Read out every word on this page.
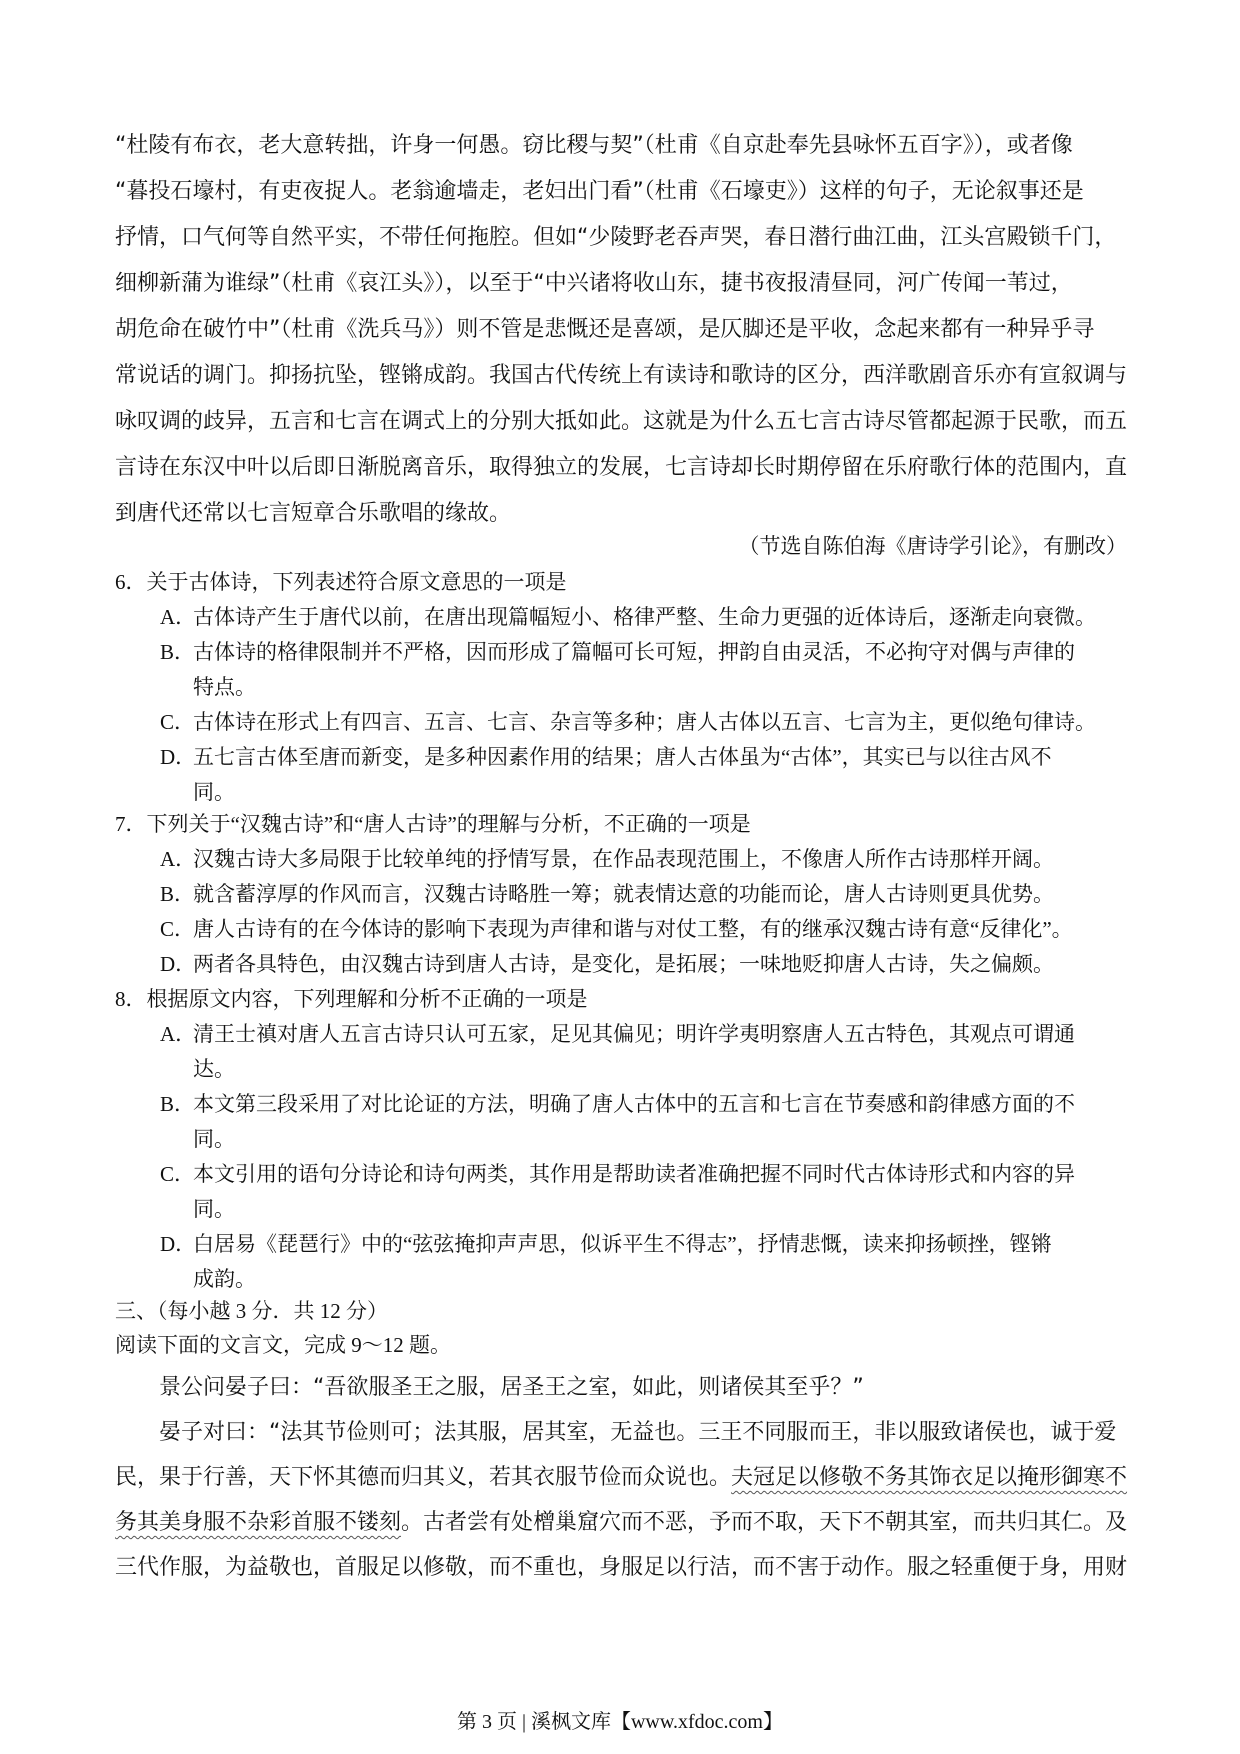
“杜陵有布衣，老大意转拙，许身一何愚。窃比稷与契”（杜甫《自京赴奉先县咏怀五百字》），或者像
“暮投石壕村，有吏夜捉人。老翁逾墙走，老妇出门看”（杜甫《石壕吏》）这样的句子，无论叙事还是
抒情，口气何等自然平实，不带任何拖腔。但如“少陵野老吞声哭，春日潜行曲江曲，江头宫殿锁千门，
细柳新蒲为谁绿”（杜甫《哀江头》），以至于“中兴诸将收山东，捷书夜报清昼同，河广传闻一苇过，
胡危命在破竹中”（杜甫《洗兵马》）则不管是悲慨还是喜颂，是仄脚还是平收，念起来都有一种异乎寻
常说话的调门。抑扬抗坠，铿锵成韵。我国古代传统上有读诗和歌诗的区分，西洋歌剧音乐亦有宣叙调与
咏叹调的歧异，五言和七言在调式上的分别大抵如此。这就是为什么五七言古诗尽管都起源于民歌，而五
言诗在东汉中叶以后即日渐脱离音乐，取得独立的发展，七言诗却长时期停留在乐府歌行体的范围内，直
到唐代还常以七言短章合乐歌唱的缘故。
（节选自陈伯海《唐诗学引论》，有删改）
6．关于古体诗，下列表述符合原文意思的一项是
A．
古体诗产生于唐代以前，在唐出现篇幅短小、格律严整、生命力更强的近体诗后，逐渐走向衰微。
B．
古体诗的格律限制并不严格，因而形成了篇幅可长可短，押韵自由灵活，不必拘守对偶与声律的
特点。
C．
古体诗在形式上有四言、五言、七言、杂言等多种；唐人古体以五言、七言为主，更似绝句律诗。
D．
五七言古体至唐而新变，是多种因素作用的结果；唐人古体虽为“古体”，其实已与以往古风不
同。
7．下列关于“汉魏古诗”和“唐人古诗”的理解与分析，不正确的一项是
A．
汉魏古诗大多局限于比较单纯的抒情写景，在作品表现范围上，不像唐人所作古诗那样开阔。
B．
就含蓄淳厚的作风而言，汉魏古诗略胜一筹；就表情达意的功能而论，唐人古诗则更具优势。
C．
唐人古诗有的在今体诗的影响下表现为声律和谐与对仗工整，有的继承汉魏古诗有意“反律化”。
D．
两者各具特色，由汉魏古诗到唐人古诗，是变化，是拓展；一味地贬抑唐人古诗，失之偏颇。
8．根据原文内容，下列理解和分析不正确的一项是
A．
清王士禛对唐人五言古诗只认可五家，足见其偏见；明许学夷明察唐人五古特色，其观点可谓通
达。
B．
本文第三段采用了对比论证的方法，明确了唐人古体中的五言和七言在节奏感和韵律感方面的不
同。
C．
本文引用的语句分诗论和诗句两类，其作用是帮助读者准确把握不同时代古体诗形式和内容的异
同。
D．
白居易《琵琶行》中的“弦弦掩抑声声思，似诉平生不得志”，抒情悲慨，读来抑扬顿挫，铿锵
成韵。
三、（每小越 3 分．共 12 分）
阅读下面的文言文，完成 9～12 题。
景公问晏子曰：“吾欲服圣王之服，居圣王之室，如此，则诸侯其至乎？”
晏子对曰：“法其节俭则可；法其服，居其室，无益也。三王不同服而王，非以服致诸侯也，诚于爱
民，果于行善，天下怀其德而归其义，若其衣服节俭而众说也。夫冠足以修敬不务其饰衣足以掩形御寒不
务其美身服不杂彩首服不镂刻。古者尝有处橧巢窟穴而不恶，予而不取，天下不朝其室，而共归其仁。及
三代作服，为益敬也，首服足以修敬，而不重也，身服足以行洁，而不害于动作。服之轻重便于身，用财
第 3 页 | 溪枫文库【www.xfdoc.com】
